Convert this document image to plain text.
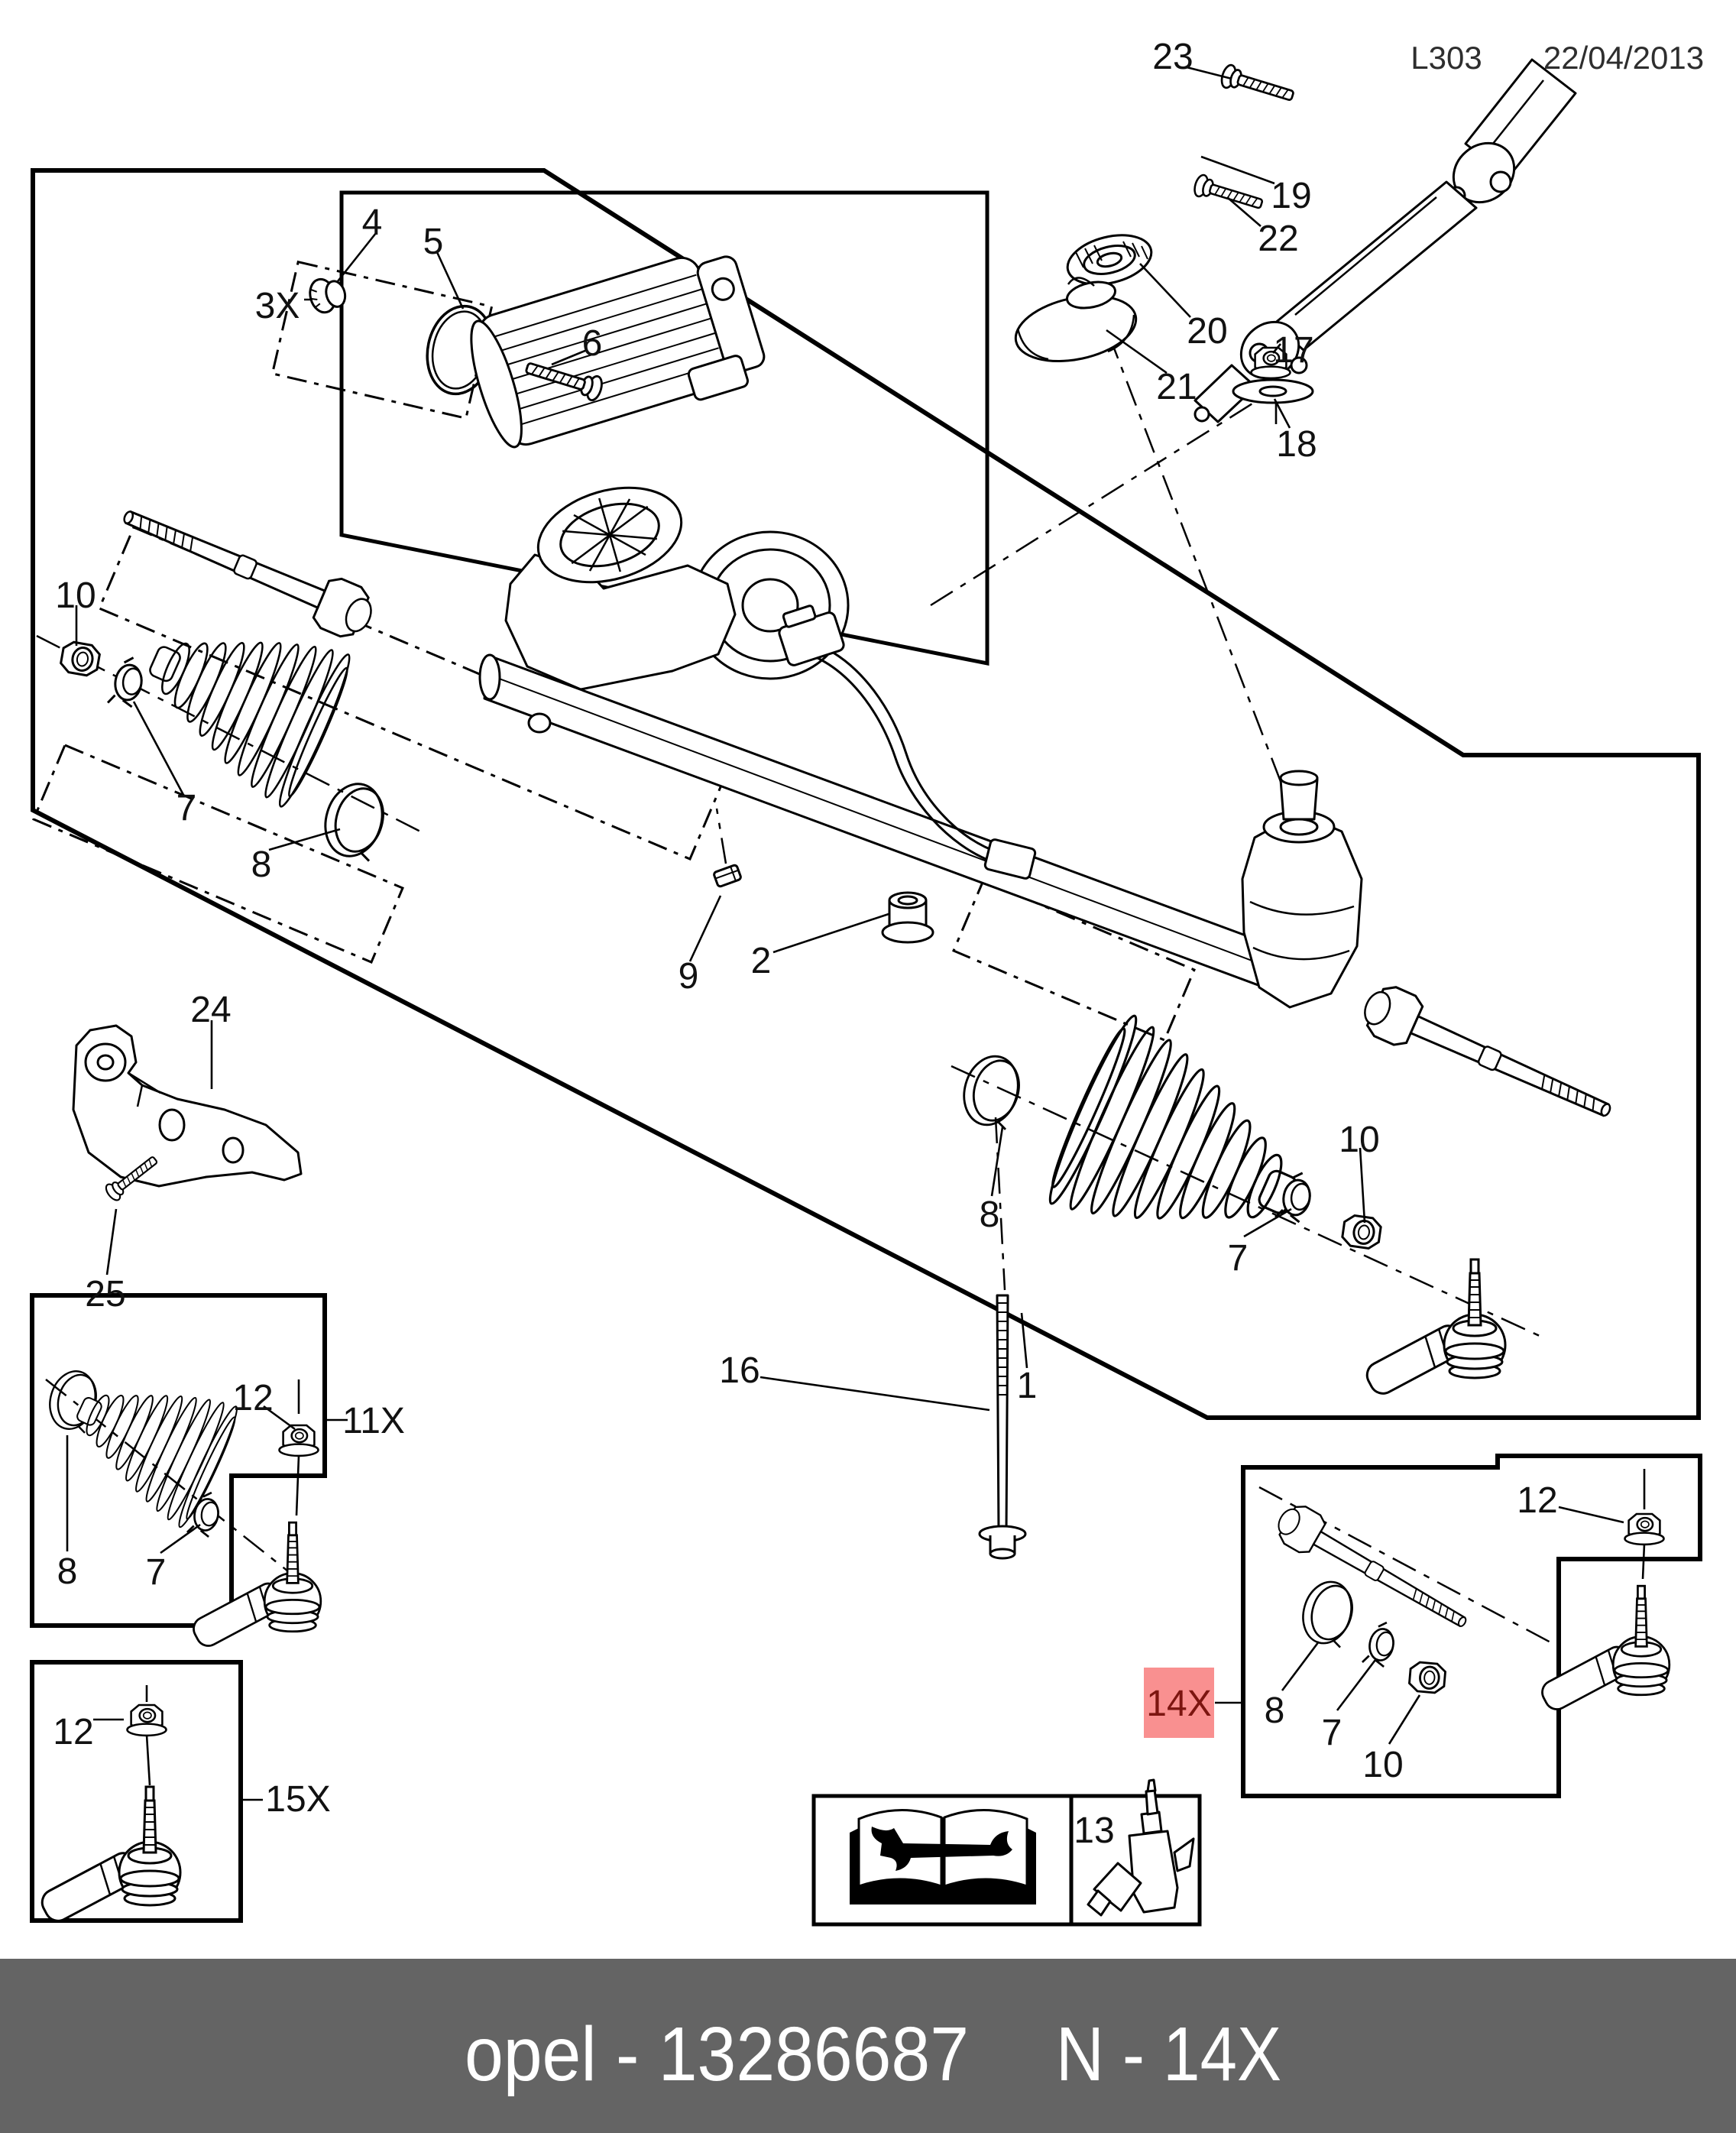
14X
L303 22/04/2013
23
19
22
20 17
21
18
4 5
3X
6
10
7
8
9 2
24
25
16	1
8
7
10
12
11X
8 7
12
15X
12
8
7
10
13
opel - 13286687 N - 14X
